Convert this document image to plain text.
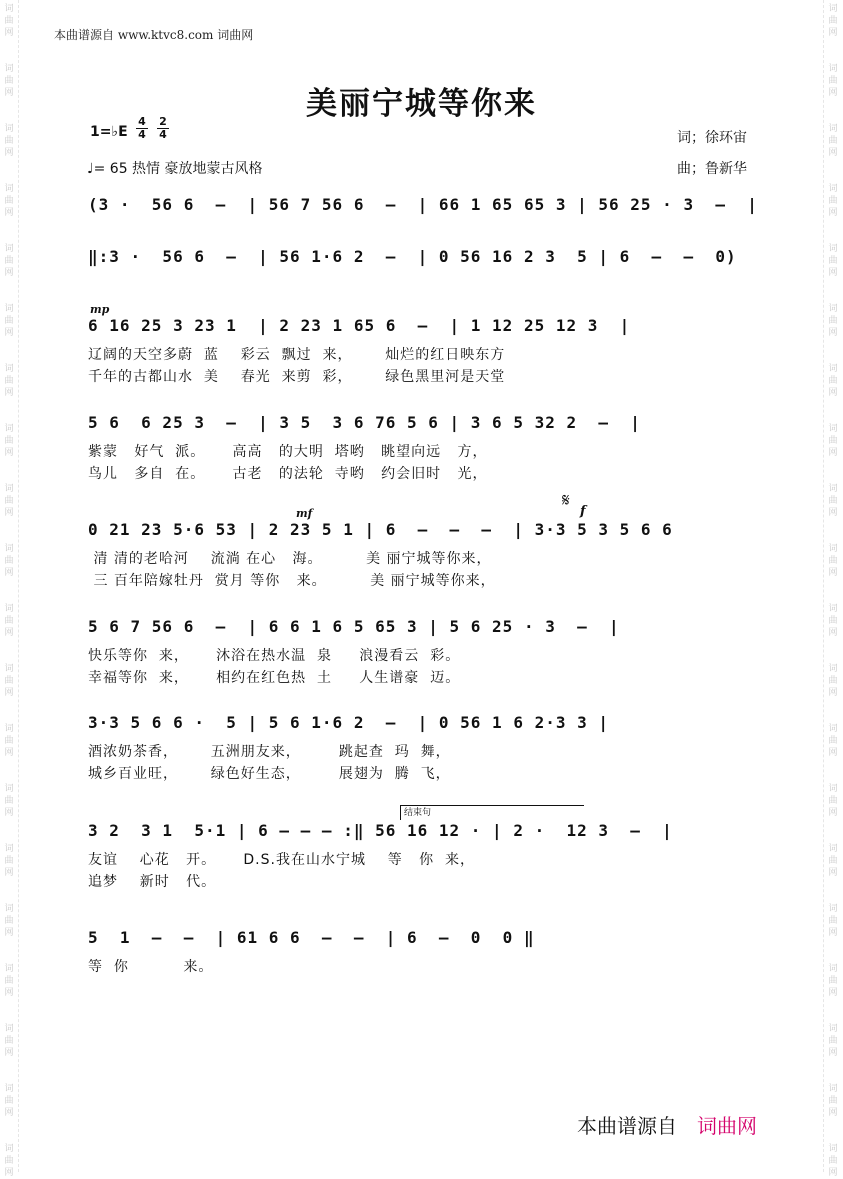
词
曲
网
词
曲
网
词
曲
网
词
曲
网
词
曲
网
词
曲
网
词
曲
网
词
曲
网
词
曲
网
词
曲
网
词
曲
网
词
曲
网
词
曲
网
词
曲
网
词
曲
网
词
曲
网
词
曲
网
词
曲
网
词
曲
网
词
曲
网
词
曲
网
词
曲
网
词
曲
网
词
曲
网
词
曲
网
词
曲
网
词
曲
网
词
曲
网
词
曲
网
词
曲
网
词
曲
网
词
曲
网
词
曲
网
词
曲
网
词
曲
网
词
曲
网
词
曲
网
词
曲
网
词
曲
网
词
曲
网
本曲谱源自 www.ktvc8.com 词曲网
美丽宁城等你来
1=♭E
4
4
2
4
♩= 65 热情 豪放地蒙古风格
词；徐环宙
曲；鲁新华
(3 ·  56 6  –  | 56 7 56 6  –  | 66 1 65 65 3 | 56 25 · 3  –  |
‖:3 ·  56 6  –  | 56 1·6 2  –  | 0 56 16 2 3  5 | 6  –  –  0)
mp
6 16 25 3 23 1  | 2 23 1 65 6  –  | 1 12 25 12 3  |
辽阔的天空多蔚  蓝    彩云  飘过  来，      灿烂的红日映东方
千年的古都山水  美    春光  来剪  彩，      绿色黑里河是天堂
5 6  6 25 3  –  | 3 5  3 6 76 5 6 | 3 6 5 32 2  –  |
紫蒙   好气  派。     高高   的大明  塔哟   眺望向远   方，
鸟儿   多自  在。     古老   的法轮  寺哟   约会旧时   光，
mf
𝄋
f
0 21 23 5·6 53 | 2 23 5 1 | 6  –  –  –  | 3·3 5 3 5 6 6
清 清的老哈河    流淌 在心   海。        美 丽宁城等你来，
三 百年陪嫁牡丹  赏月 等你   来。        美 丽宁城等你来，
5 6 7 56 6  –  | 6 6 1 6 5 65 3 | 5 6 25 · 3  –  |
快乐等你  来，     沐浴在热水温  泉     浪漫看云  彩。
幸福等你  来，     相约在红色热  土     人生谱豪  迈。
3·3 5 6 6 ·  5 | 5 6 1·6 2  –  | 0 56 1 6 2·3 3 |
酒浓奶茶香，      五洲朋友来，       跳起查  玛  舞，
城乡百业旺，      绿色好生态，       展翅为  腾  飞，
结束句
3 2  3 1  5·1 | 6 – – – :‖ 56 16 12 · | 2 ·  12 3  –  |
友谊    心花   开。     D.S.我在山水宁城    等   你  来，
追梦    新时   代。
5  1  –  –  | 61 6 6  –  –  | 6  –  0  0 ‖
等  你          来。
本曲谱源自 词曲网
